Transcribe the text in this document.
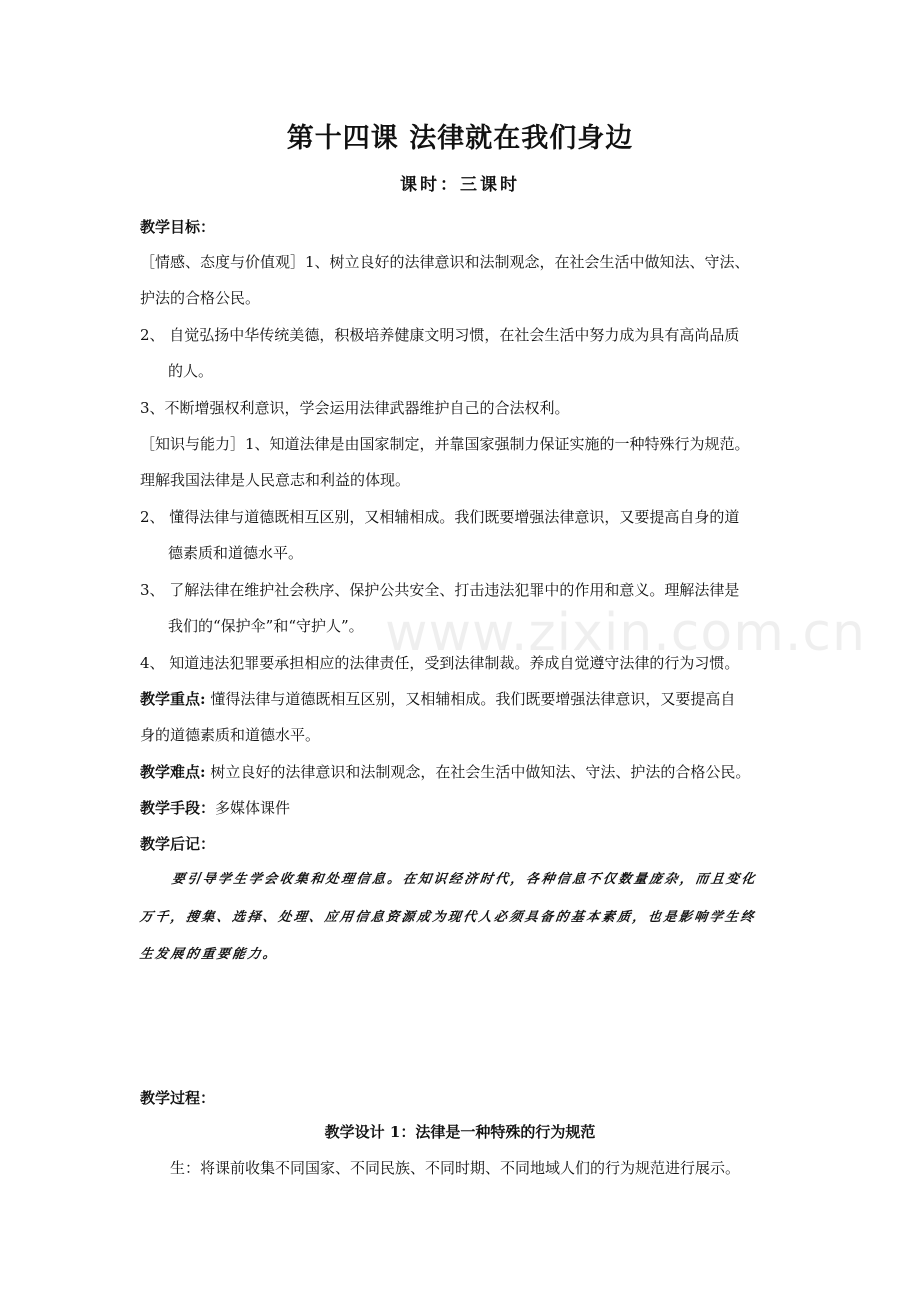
www.zixin.com.cn
第十四课 法律就在我们身边
课时：三课时
教学目标：
［情感、态度与价值观］1、树立良好的法律意识和法制观念，在社会生活中做知法、守法、
护法的合格公民。
2、 自觉弘扬中华传统美德，积极培养健康文明习惯，在社会生活中努力成为具有高尚品质
的人。
3、不断增强权利意识，学会运用法律武器维护自己的合法权利。
［知识与能力］1、知道法律是由国家制定，并靠国家强制力保证实施的一种特殊行为规范。
理解我国法律是人民意志和利益的体现。
2、 懂得法律与道德既相互区别，又相辅相成。我们既要增强法律意识，又要提高自身的道
德素质和道德水平。
3、 了解法律在维护社会秩序、保护公共安全、打击违法犯罪中的作用和意义。理解法律是
我们的“保护伞”和“守护人”。
4、 知道违法犯罪要承担相应的法律责任，受到法律制裁。养成自觉遵守法律的行为习惯。
教学重点: 懂得法律与道德既相互区别，又相辅相成。我们既要增强法律意识，又要提高自
身的道德素质和道德水平。
教学难点: 树立良好的法律意识和法制观念，在社会生活中做知法、守法、护法的合格公民。
教学手段：多媒体课件
教学后记：
要引导学生学会收集和处理信息。在知识经济时代，各种信息不仅数量庞杂，而且变化
万千，搜集、选择、处理、应用信息资源成为现代人必须具备的基本素质，也是影响学生终
生发展的重要能力。
教学过程：
教学设计 1：法律是一种特殊的行为规范
生：将课前收集不同国家、不同民族、不同时期、不同地域人们的行为规范进行展示。
